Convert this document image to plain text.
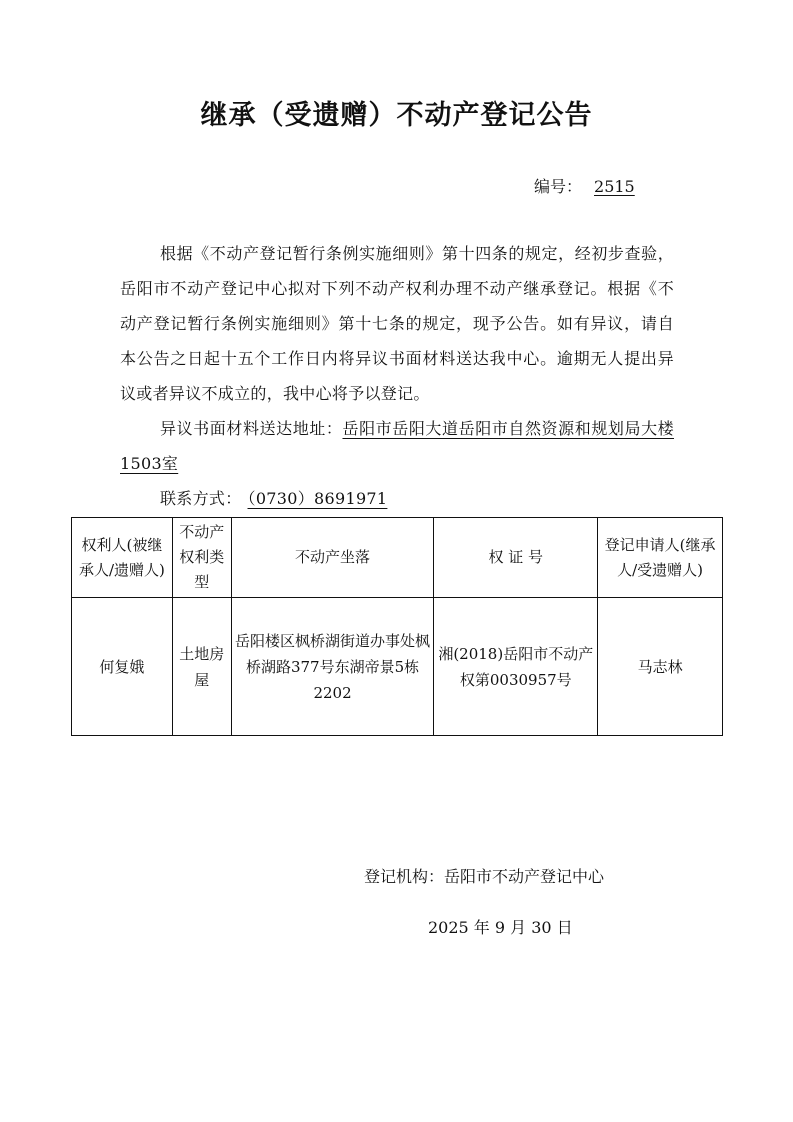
继承（受遗赠）不动产登记公告
编号： 2515

根据《不动产登记暂行条例实施细则》第十四条的规定，经初步查验，岳阳市不动产登记中心拟对下列不动产权利办理不动产继承登记。根据《不动产登记暂行条例实施细则》第十七条的规定，现予公告。如有异议，请自本公告之日起十五个工作日内将异议书面材料送达我中心。逾期无人提出异议或者异议不成立的，我中心将予以登记。

异议书面材料送达地址：岳阳市岳阳大道岳阳市自然资源和规划局大楼1503室

联系方式： （0730）8691971

权利人(被继承人/遗赠人)	不动产权利类型	不动产坐落	权 证 号	登记申请人(继承人/受遗赠人)
何复娥	土地房屋	岳阳楼区枫桥湖街道办事处枫桥湖路377号东湖帝景5栋2202	湘(2018)岳阳市不动产权第0030957号	马志林
登记机构：岳阳市不动产登记中心
2025 年 9 月 30 日
